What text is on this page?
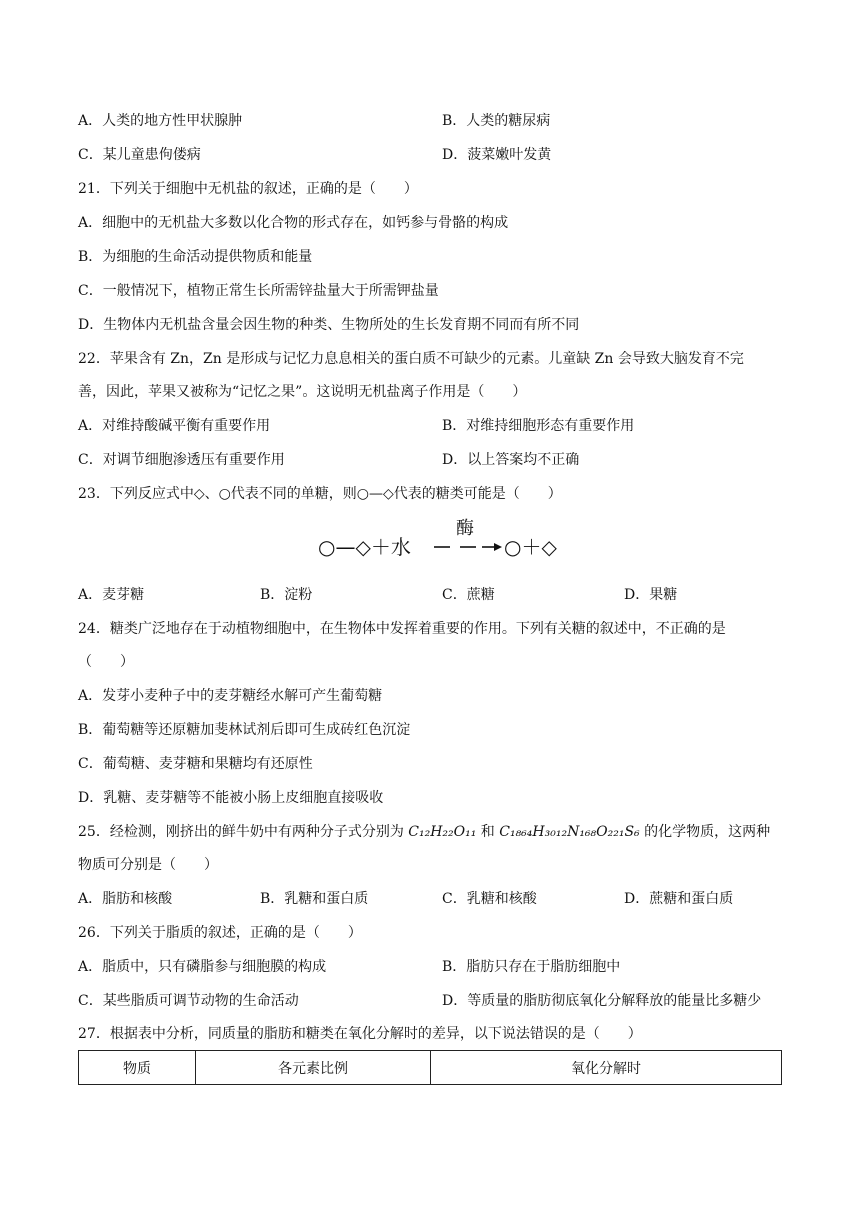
A．人类的地方性甲状腺肿	B．人类的糖尿病
C．某儿童患佝偻病	D．菠菜嫩叶发黄
21．下列关于细胞中无机盐的叙述，正确的是（　　）
A．细胞中的无机盐大多数以化合物的形式存在，如钙参与骨骼的构成
B．为细胞的生命活动提供物质和能量
C．一般情况下，植物正常生长所需锌盐量大于所需钾盐量
D．生物体内无机盐含量会因生物的种类、生物所处的生长发育期不同而有所不同
22．苹果含有 Zn，Zn 是形成与记忆力息息相关的蛋白质不可缺少的元素。儿童缺 Zn 会导致大脑发育不完
善，因此，苹果又被称为“记忆之果”。这说明无机盐离子作用是（　　）
A．对维持酸碱平衡有重要作用	B．对维持细胞形态有重要作用
C．对调节细胞渗透压有重要作用	D．以上答案均不正确
23．下列反应式中◇、○代表不同的单糖，则○—◇代表的糖类可能是（　　）
○—◇＋水
酶
○＋◇
A．麦芽糖	B．淀粉	C．蔗糖	D．果糖
24．糖类广泛地存在于动植物细胞中，在生物体中发挥着重要的作用。下列有关糖的叙述中，不正确的是
（　　）
A．发芽小麦种子中的麦芽糖经水解可产生葡萄糖
B．葡萄糖等还原糖加斐林试剂后即可生成砖红色沉淀
C．葡萄糖、麦芽糖和果糖均有还原性
D．乳糖、麦芽糖等不能被小肠上皮细胞直接吸收
25．经检测，刚挤出的鲜牛奶中有两种分子式分别为 C₁₂H₂₂O₁₁ 和 C₁₈₆₄H₃₀₁₂N₁₆₈O₂₂₁S₆ 的化学物质，这两种
物质可分别是（　　）
A．脂肪和核酸	B．乳糖和蛋白质	C．乳糖和核酸	D．蔗糖和蛋白质
26．下列关于脂质的叙述，正确的是（　　）
A．脂质中，只有磷脂参与细胞膜的构成	B．脂肪只存在于脂肪细胞中
C．某些脂质可调节动物的生命活动	D．等质量的脂肪彻底氧化分解释放的能量比多糖少
27．根据表中分析，同质量的脂肪和糖类在氧化分解时的差异，以下说法错误的是（　　）
物质	各元素比例	氧化分解时
